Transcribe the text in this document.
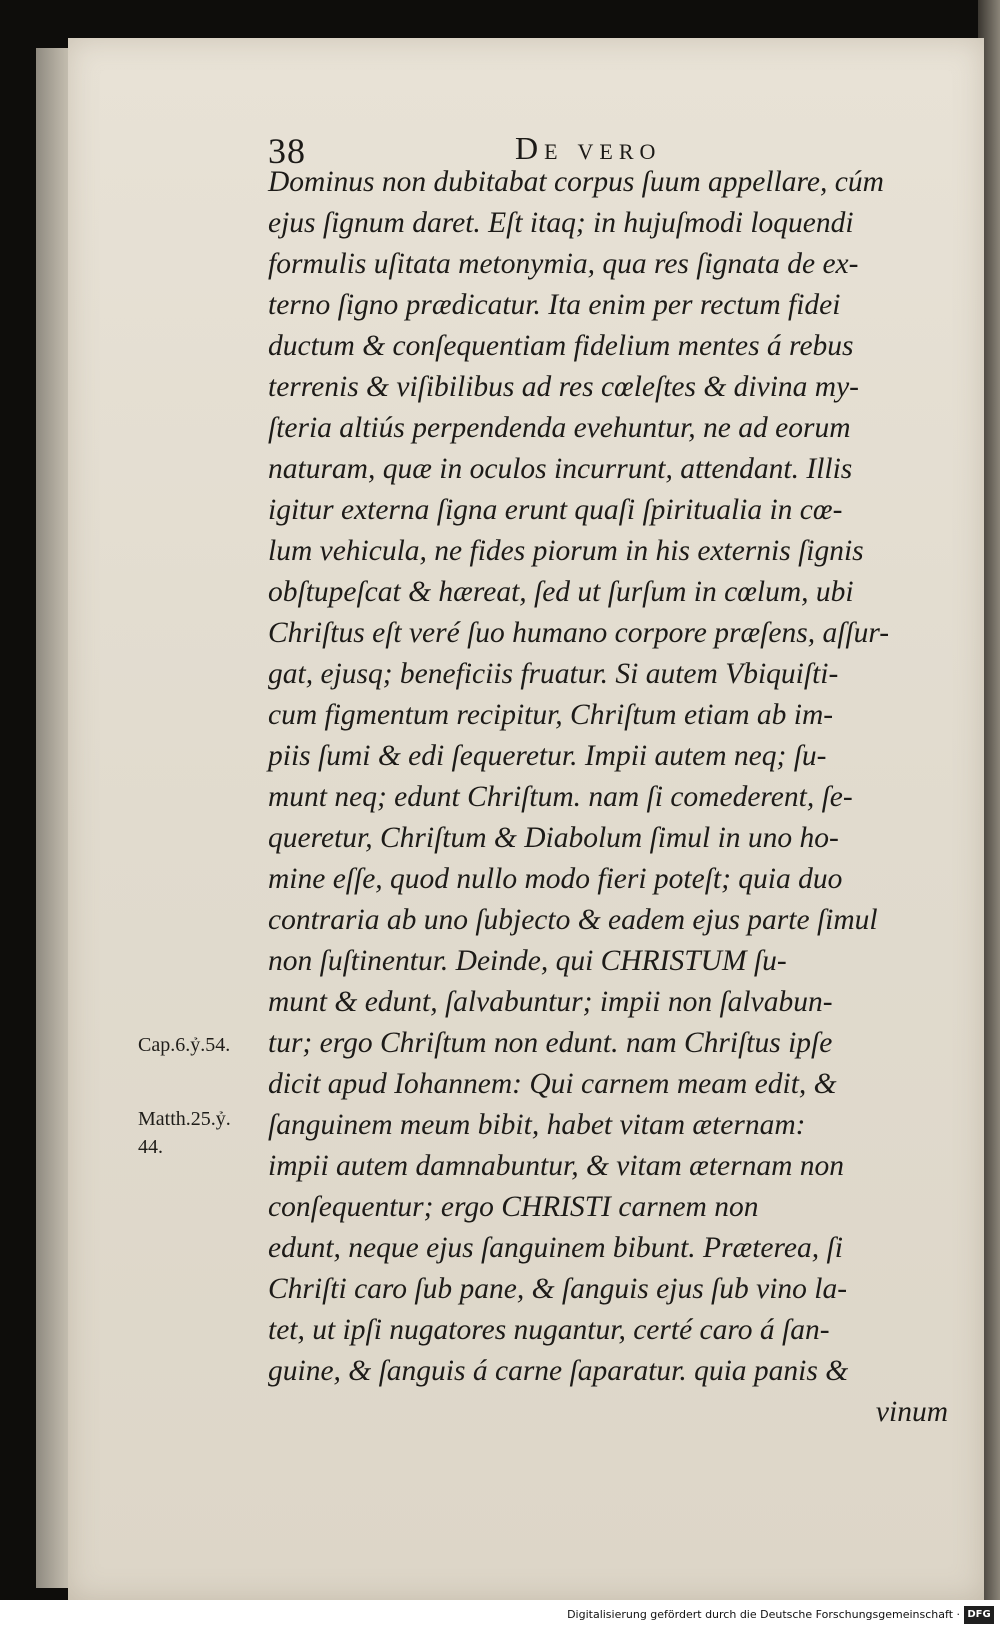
38	De vero
Dominus non dubitabat corpus ſuum appellare, cúm
ejus ſignum daret. Eſt itaq; in hujuſmodi loquendi
formulis uſitata metonymia, qua res ſignata de ex-
terno ſigno prædicatur. Ita enim per rectum fidei
ductum & conſequentiam fidelium mentes á rebus
terrenis & viſibilibus ad res cœleſtes & divina my-
ſteria altiús perpendenda evehuntur, ne ad eorum
naturam, quæ in oculos incurrunt, attendant. Illis
igitur externa ſigna erunt quaſi ſpiritualia in cœ-
lum vehicula, ne fides piorum in his externis ſignis
obſtupeſcat & hæreat, ſed ut ſurſum in cœlum, ubi
Chriſtus eſt veré ſuo humano corpore præſens, aſſur-
gat, ejusq; beneficiis fruatur. Si autem Vbiquiſti-
cum figmentum recipitur, Chriſtum etiam ab im-
piis ſumi & edi ſequeretur. Impii autem neq; ſu-
munt neq; edunt Chriſtum. nam ſi comederent, ſe-
queretur, Chriſtum & Diabolum ſimul in uno ho-
mine eſſe, quod nullo modo fieri poteſt; quia duo
contraria ab uno ſubjecto & eadem ejus parte ſimul
non ſuſtinentur. Deinde, qui CHRISTUM ſu-
munt & edunt, ſalvabuntur; impii non ſalvabun-
tur; ergo Chriſtum non edunt. nam Chriſtus ipſe
dicit apud Iohannem: Qui carnem meam edit, &
ſanguinem meum bibit, habet vitam æternam:
impii autem damnabuntur, & vitam æternam non
conſequentur; ergo CHRISTI carnem non
edunt, neque ejus ſanguinem bibunt. Præterea, ſi
Chriſti caro ſub pane, & ſanguis ejus ſub vino la-
tet, ut ipſi nugatores nugantur, certé caro á ſan-
guine, & ſanguis á carne ſaparatur. quia panis &
vinum
Cap.6.ỷ.54.
Matth.25.ỷ.
44.
Digitalisierung gefördert durch die Deutsche Forschungsgemeinschaft · DFG
